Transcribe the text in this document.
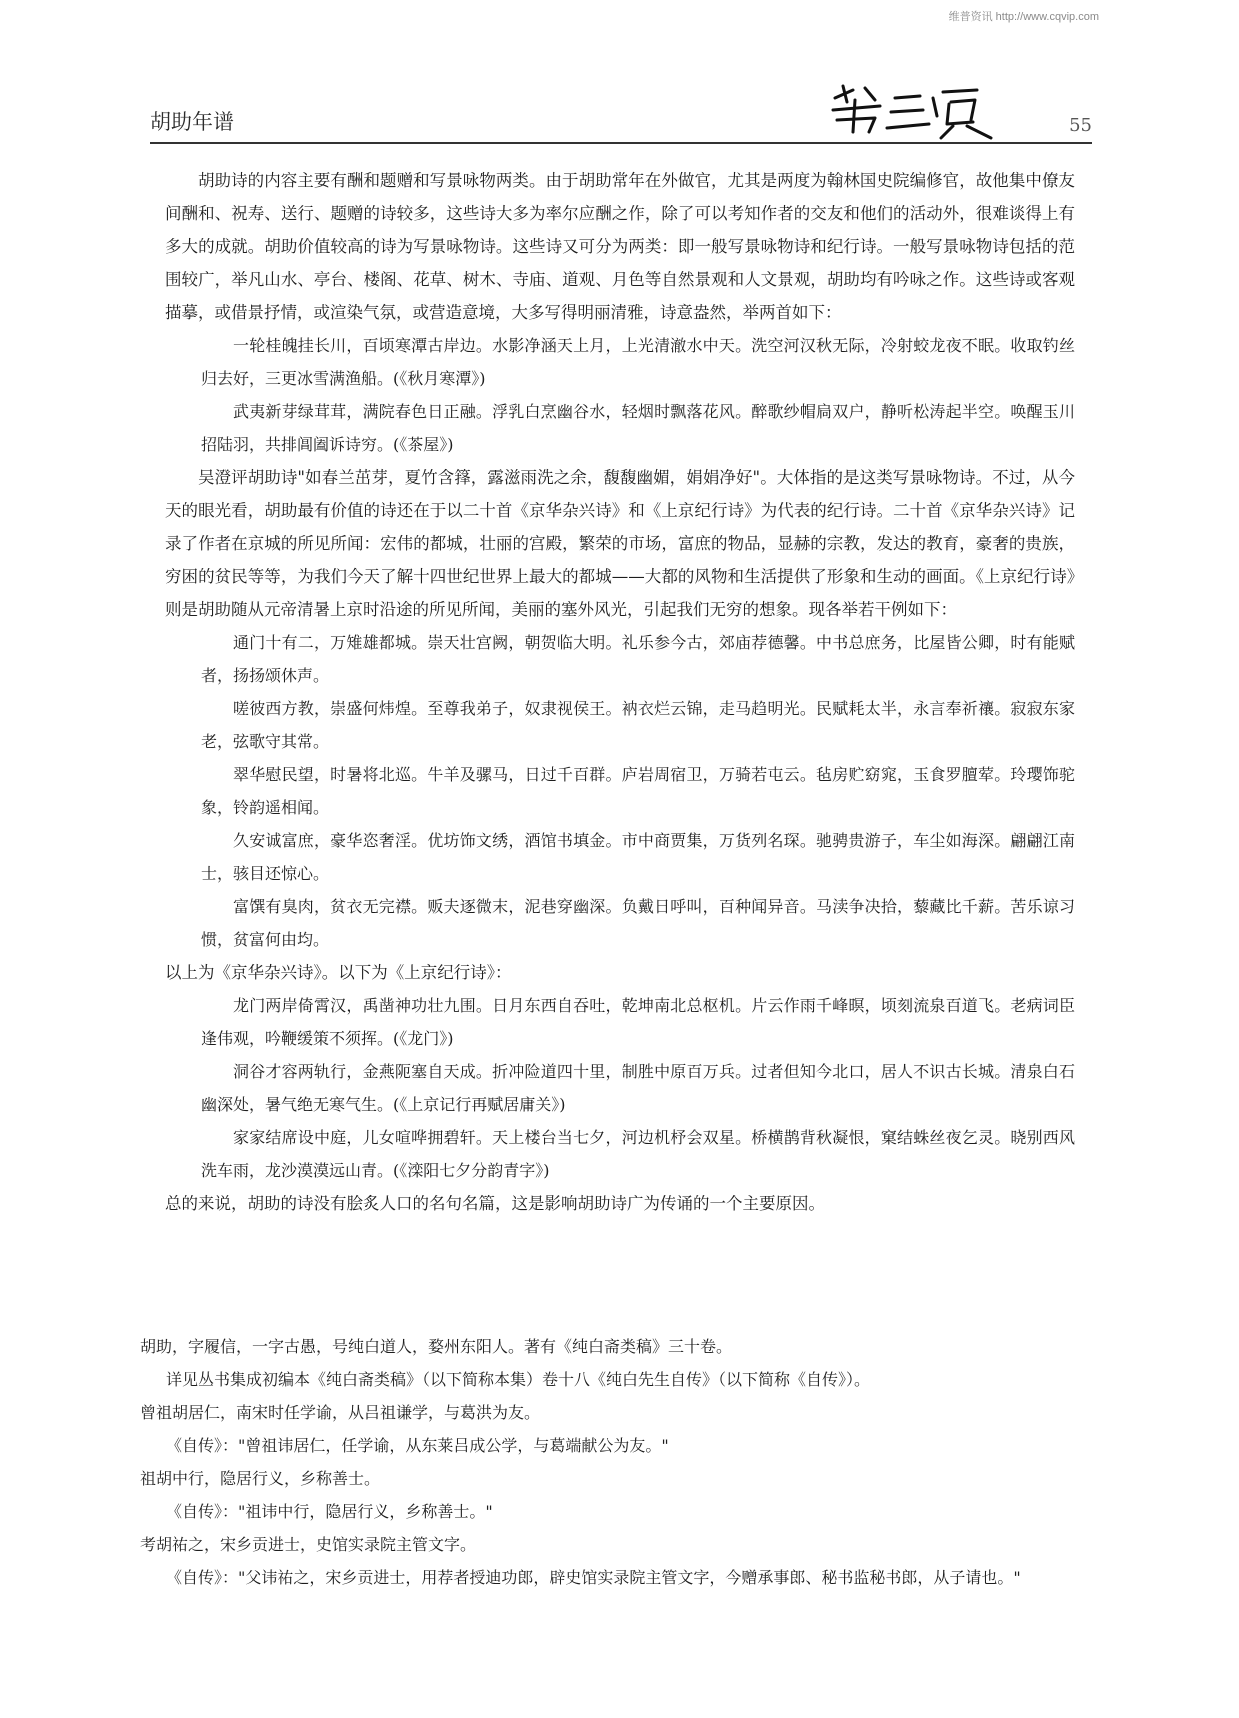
维普资讯 http://www.cqvip.com
胡助年谱	55

胡助诗的内容主要有酬和题赠和写景咏物两类。由于胡助常年在外做官，尤其是两度为翰林国史院编修官，故他集中僚友间酬和、祝寿、送行、题赠的诗较多，这些诗大多为率尔应酬之作，除了可以考知作者的交友和他们的活动外，很难谈得上有多大的成就。胡助价值较高的诗为写景咏物诗。这些诗又可分为两类：即一般写景咏物诗和纪行诗。一般写景咏物诗包括的范围较广，举凡山水、亭台、楼阁、花草、树木、寺庙、道观、月色等自然景观和人文景观，胡助均有吟咏之作。这些诗或客观描摹，或借景抒情，或渲染气氛，或营造意境，大多写得明丽清雅，诗意盎然，举两首如下：

一轮桂魄挂长川，百顷寒潭古岸边。水影净涵天上月，上光清澈水中天。洗空河汉秋无际，冷射蛟龙夜不眠。收取钓丝归去好，三更冰雪满渔船。(《秋月寒潭》)

武夷新芽绿茸茸，满院春色日正融。浮乳白烹幽谷水，轻烟时飘落花风。醉歌纱帽扃双户，静听松涛起半空。唤醒玉川招陆羽，共排阊阖诉诗穷。(《茶屋》)

吴澄评胡助诗"如春兰茁芽，夏竹含箨，露滋雨洗之余，馥馥幽媚，娟娟净好"。大体指的是这类写景咏物诗。不过，从今天的眼光看，胡助最有价值的诗还在于以二十首《京华杂兴诗》和《上京纪行诗》为代表的纪行诗。二十首《京华杂兴诗》记录了作者在京城的所见所闻：宏伟的都城，壮丽的宫殿，繁荣的市场，富庶的物品，显赫的宗教，发达的教育，豪奢的贵族，穷困的贫民等等，为我们今天了解十四世纪世界上最大的都城——大都的风物和生活提供了形象和生动的画面。《上京纪行诗》则是胡助随从元帝清暑上京时沿途的所见所闻，美丽的塞外风光，引起我们无穷的想象。现各举若干例如下：

通门十有二，万雉雄都城。崇天壮宫阙，朝贺临大明。礼乐参今古，郊庙荐德馨。中书总庶务，比屋皆公卿，时有能赋者，扬扬颂休声。

嗟彼西方教，崇盛何炜煌。至尊我弟子，奴隶视侯王。衲衣烂云锦，走马趋明光。民赋耗太半，永言奉祈禳。寂寂东家老，弦歌守其常。

翠华慰民望，时暑将北巡。牛羊及骡马，日过千百群。庐岩周宿卫，万骑若屯云。毡房贮窈窕，玉食罗膻荤。玲璎饰驼象，铃韵遥相闻。

久安诚富庶，豪华恣奢淫。优坊饰文绣，酒馆书填金。市中商贾集，万货列名琛。驰骋贵游子，车尘如海深。翩翩江南士，骇目还惊心。

富馔有臭肉，贫衣无完襟。贩夫逐微末，泥巷穿幽深。负戴日呼叫，百种闻异音。马渎争决拾，藜藏比千薪。苦乐谅习惯，贫富何由均。

以上为《京华杂兴诗》。以下为《上京纪行诗》：

龙门两岸倚霄汉，禹凿神功壮九围。日月东西自吞吐，乾坤南北总枢机。片云作雨千峰暝，顷刻流泉百道飞。老病词臣逢伟观，吟鞭缓策不须挥。(《龙门》)

洞谷才容两轨行，金燕阨塞自天成。折冲险道四十里，制胜中原百万兵。过者但知今北口，居人不识古长城。清泉白石幽深处，暑气绝无寒气生。(《上京记行再赋居庸关》)

家家结席设中庭，儿女喧哗拥碧轩。天上楼台当七夕，河边机杼会双星。桥横鹊背秋凝恨，窠结蛛丝夜乞灵。晓别西风洗车雨，龙沙漠漠远山青。(《滦阳七夕分韵青字》)

总的来说，胡助的诗没有脍炙人口的名句名篇，这是影响胡助诗广为传诵的一个主要原因。

胡助，字履信，一字古愚，号纯白道人，婺州东阳人。著有《纯白斋类稿》三十卷。

详见丛书集成初编本《纯白斋类稿》（以下简称本集）卷十八《纯白先生自传》（以下简称《自传》）。

曾祖胡居仁，南宋时任学谕，从吕祖谦学，与葛洪为友。

《自传》："曾祖讳居仁，任学谕，从东莱吕成公学，与葛端献公为友。"

祖胡中行，隐居行义，乡称善士。

《自传》："祖讳中行，隐居行义，乡称善士。"

考胡祐之，宋乡贡进士，史馆实录院主管文字。

《自传》："父讳祐之，宋乡贡进士，用荐者授迪功郎，辟史馆实录院主管文字，今赠承事郎、秘书监秘书郎，从子请也。"
